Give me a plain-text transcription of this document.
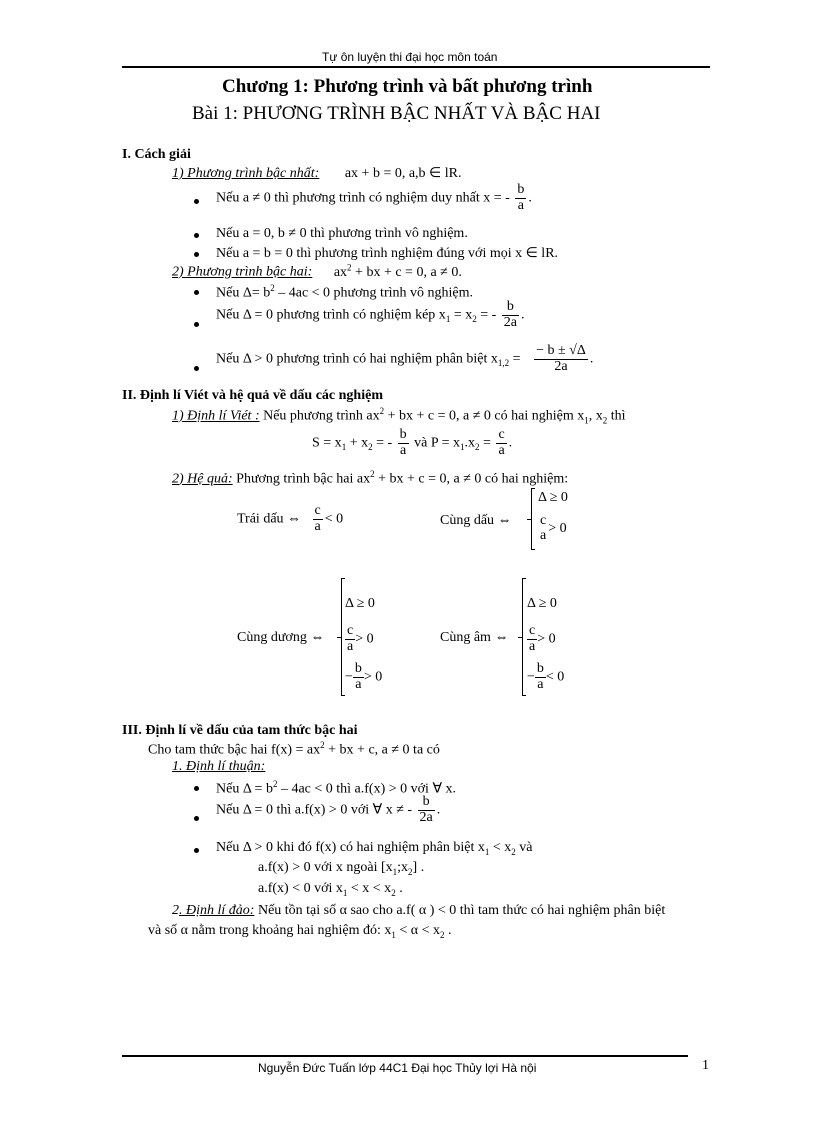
Tự ôn luyện thi đại học môn toán
Chương 1: Phương trình và bất phương trình
Bài 1: PHƯƠNG TRÌNH BẬC NHẤT VÀ BẬC HAI
I. Cách giải
1) Phương trình bậc nhất: ax + b = 0, a,b ∈ lR.
Nếu a ≠ 0 thì phương trình có nghiệm duy nhất x = - $\frac{b}{a}$ .
Nếu a = 0, b ≠ 0 thì phương trình vô nghiệm.
Nếu a = b = 0 thì phương trình nghiệm đúng với mọi x ∈ lR.
2) Phương trình bậc hai: $ax^2$ + bx + c = 0, a ≠ 0.
Nếu $\Delta= b^2 - 4ac < 0$ phương trình vô nghiệm.
Nếu Δ = 0 phương trình có nghiệm kép $x_1 = x_2$ = - $\frac{b}{2a}$ .
Nếu Δ > 0 phương trình có hai nghiệm phân biệt $x_{1,2} = \frac{- b \pm √\Delta}{2a}$ .
II. Định lí Viét và hệ quả về dấu các nghiệm
1) Định lí Viét : Nếu phương trình $ax^2$ + bx + c = 0, a ≠ 0 có hai nghiệm $x_1$, $x_2$ thì
$S = x_1 + x_2$ = - $\frac{b}{a}$ và $P = x_1.x_2 = \frac{c}{a}$ .
2) Hệ quả: Phương trình bậc hai $ax^2$ + bx + c = 0, a ≠ 0 có hai nghiệm:
Trái dấu ⇔ $\frac{c}{a} < 0$	Cùng dấu ⇔
Δ ≥ 0
c
a > 0
Cùng dương ⇔
Δ ≥ 0
$\frac{c}{a} > 0$
− $\frac{b}{a} > 0$
Cùng âm ⇔
Δ ≥ 0
$\frac{c}{a} > 0$
− $\frac{b}{a} < 0$
III. Định lí về dấu của tam thức bậc hai
Cho tam thức bậc hai $f(x) = ax^2$ + bx + c, a ≠ 0 ta có
1. Định lí thuận:
Nếu $\Delta = b^2 - 4ac < 0$ thì a.f(x) > 0 với ∀ x.
Nếu Δ = 0 thì a.f(x) > 0 với ∀ x ≠ - $\frac{b}{2a}$ .
Nếu Δ > 0 khi đó f(x) có hai nghiệm phân biệt $x_1 < x_2$ và
a.f(x) > 0 với x ngoài $[x_1;x_2]$ .
a.f(x) < 0 với $x_1 < x < x_2$ .
2. Định lí đảo: Nếu tồn tại số α sao cho a.f( α ) < 0 thì tam thức có hai nghiệm phân biệt
và số α nằm trong khoảng hai nghiệm đó: $x_1 < \alpha < x_2$ .
Nguyễn Đức Tuấn lớp 44C1 Đại học Thủy lợi Hà nội	1
